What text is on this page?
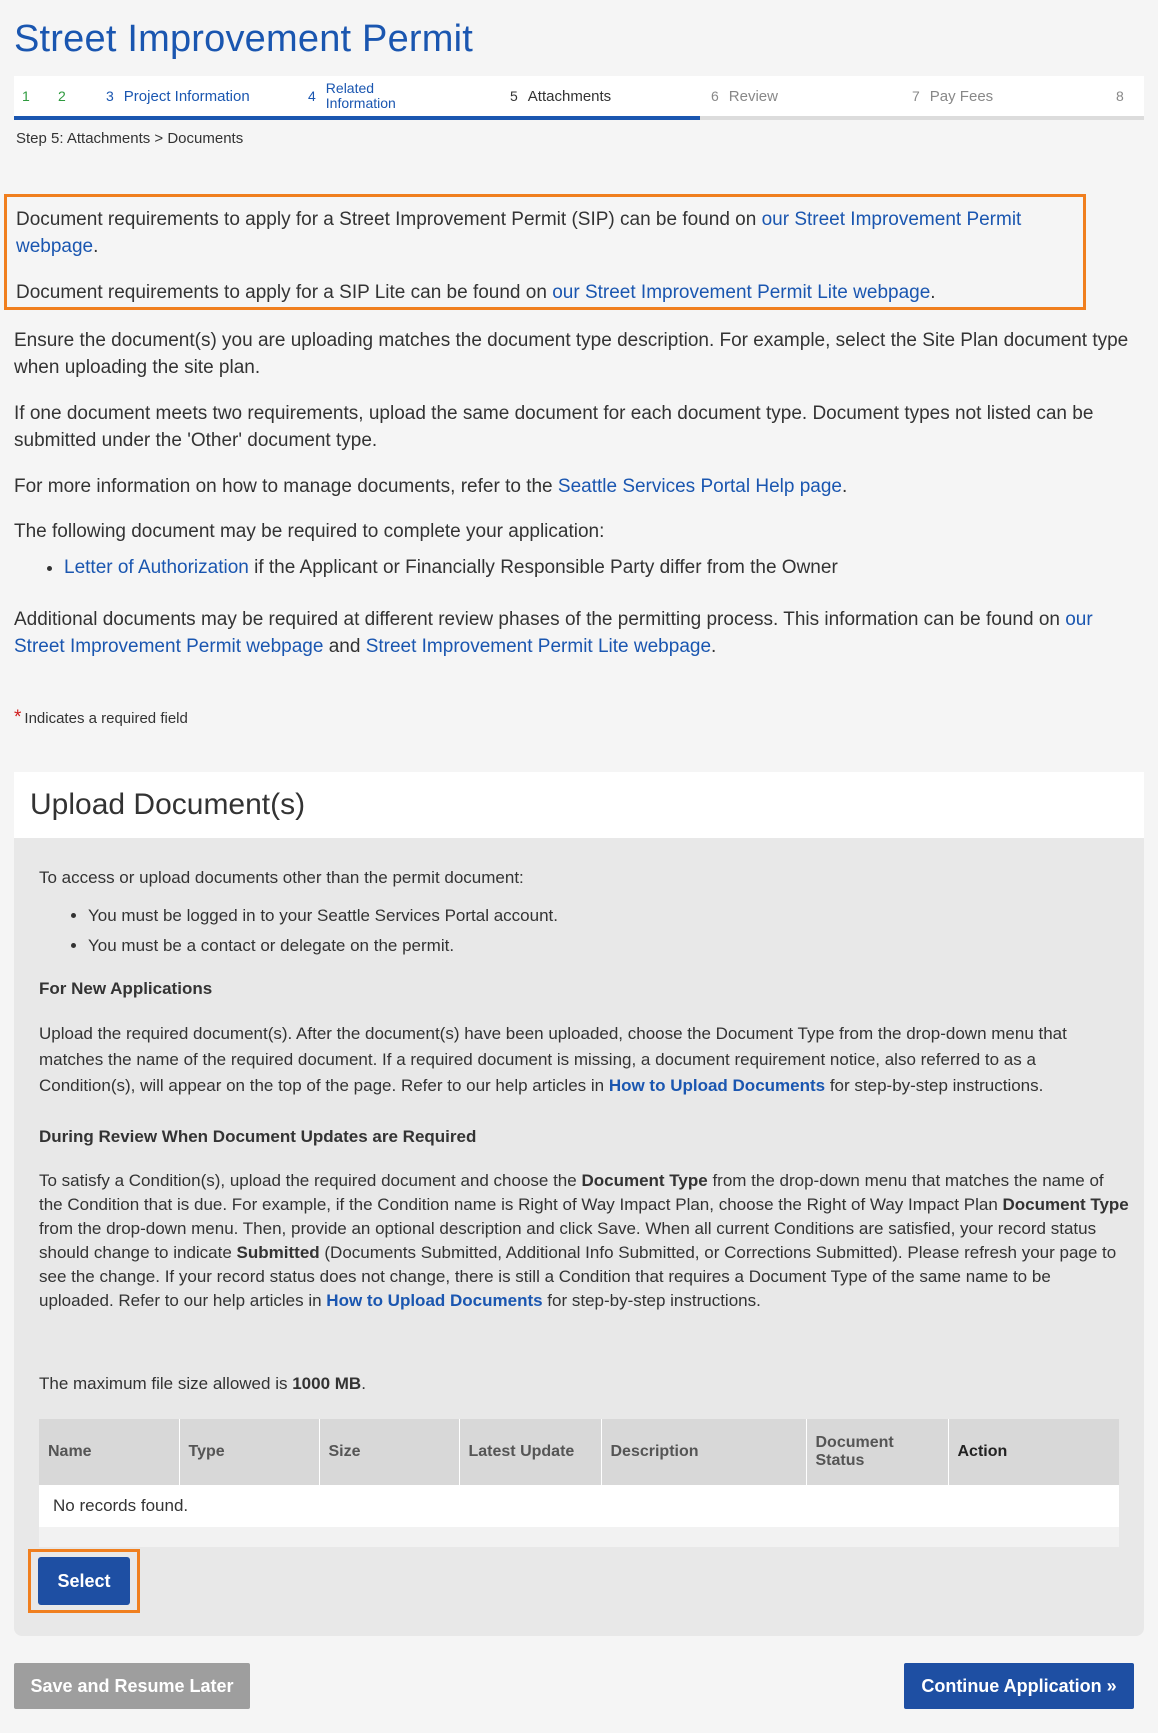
Street Improvement Permit
1 2	3 Project Information	4 Related
Information	5 Attachments	6 Review	7 Pay Fees	8
Step 5: Attachments > Documents

Document requirements to apply for a Street Improvement Permit (SIP) can be found on our Street Improvement Permit webpage.

Document requirements to apply for a SIP Lite can be found on our Street Improvement Permit Lite webpage.

Ensure the document(s) you are uploading matches the document type description. For example, select the Site Plan document type when uploading the site plan.

If one document meets two requirements, upload the same document for each document type. Document types not listed can be submitted under the 'Other' document type.

For more information on how to manage documents, refer to the Seattle Services Portal Help page.

The following document may be required to complete your application:

• Letter of Authorization if the Applicant or Financially Responsible Party differ from the Owner

Additional documents may be required at different review phases of the permitting process. This information can be found on our Street Improvement Permit webpage and Street Improvement Permit Lite webpage.

* Indicates a required field
Upload Document(s)

To access or upload documents other than the permit document:

• You must be logged in to your Seattle Services Portal account.
• You must be a contact or delegate on the permit.

For New Applications

Upload the required document(s). After the document(s) have been uploaded, choose the Document Type from the drop-down menu that matches the name of the required document. If a required document is missing, a document requirement notice, also referred to as a Condition(s), will appear on the top of the page. Refer to our help articles in How to Upload Documents for step-by-step instructions.

During Review When Document Updates are Required

To satisfy a Condition(s), upload the required document and choose the Document Type from the drop-down menu that matches the name of the Condition that is due. For example, if the Condition name is Right of Way Impact Plan, choose the Right of Way Impact Plan Document Type from the drop-down menu. Then, provide an optional description and click Save. When all current Conditions are satisfied, your record status should change to indicate Submitted (Documents Submitted, Additional Info Submitted, or Corrections Submitted). Please refresh your page to see the change. If your record status does not change, there is still a Condition that requires a Document Type of the same name to be uploaded. Refer to our help articles in How to Upload Documents for step-by-step instructions.

The maximum file size allowed is 1000 MB.

Name	Type	Size	Latest Update	Description	Document Status	Action
No records found.

Select
Save and Resume Later	Continue Application »
